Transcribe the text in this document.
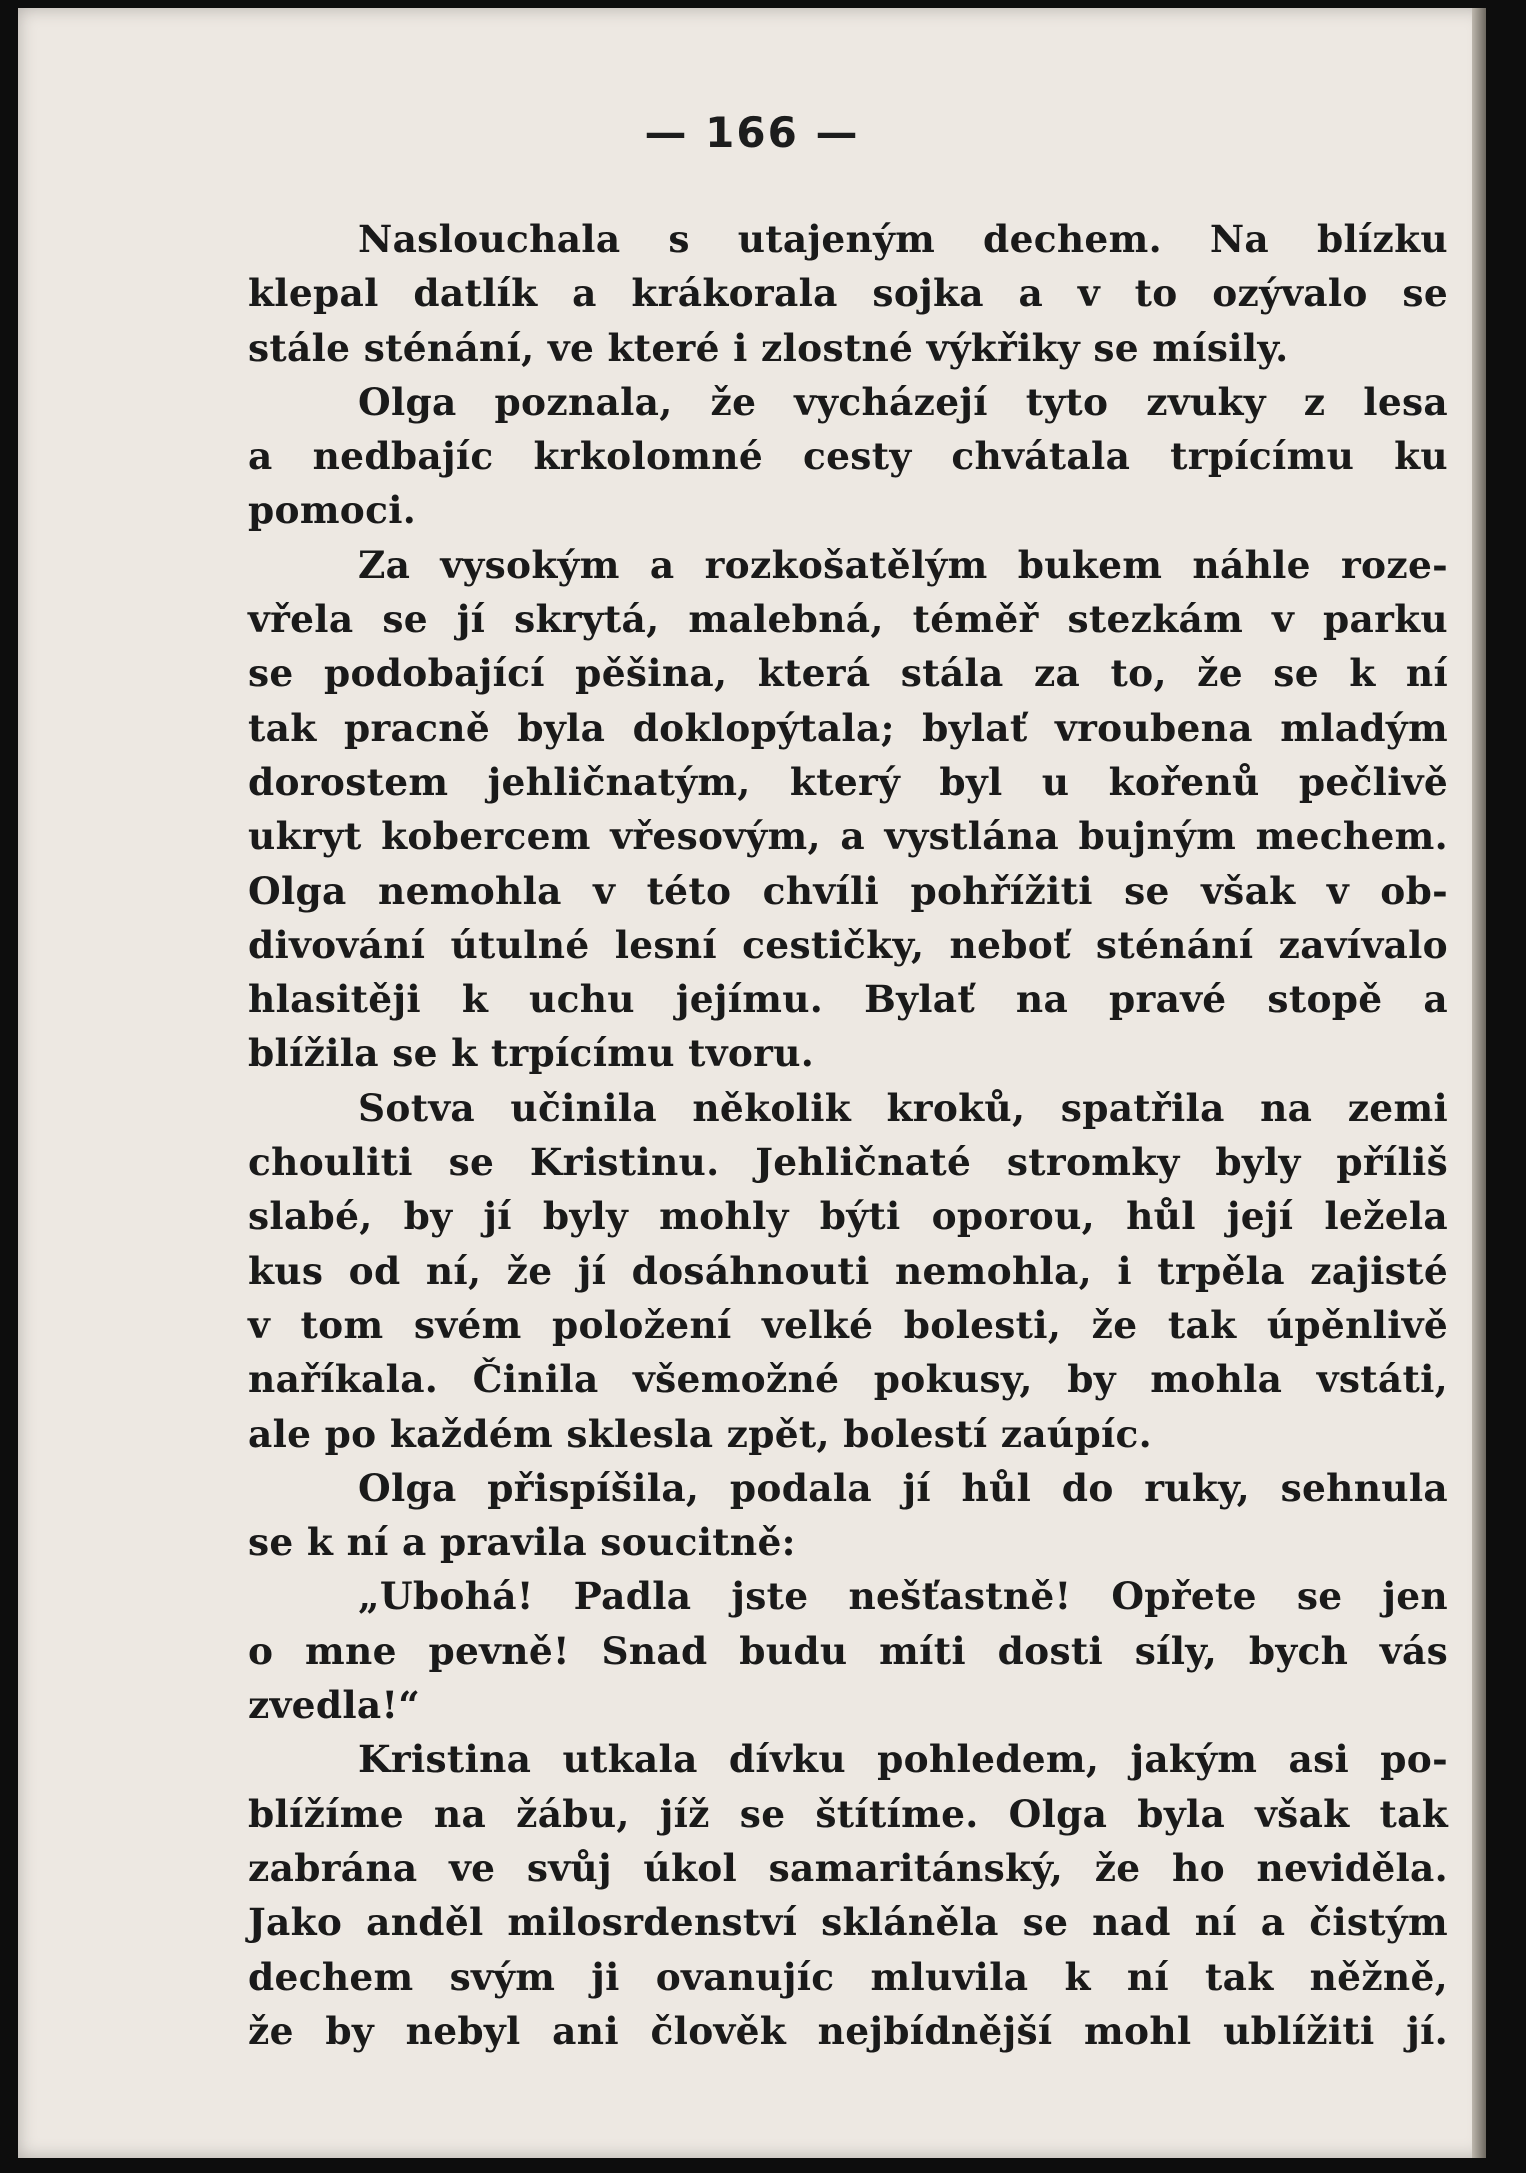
— 166 —
Naslouchala s utajeným dechem. Na blízku
klepal datlík a krákorala sojka a v to ozývalo se
stále sténání, ve které i zlostné výkřiky se mísily.
Olga poznala, že vycházejí tyto zvuky z lesa
a nedbajíc krkolomné cesty chvátala trpícímu ku
pomoci.
Za vysokým a rozkošatělým bukem náhle roze-
vřela se jí skrytá, malebná, téměř stezkám v parku
se podobající pěšina, která stála za to, že se k ní
tak pracně byla doklopýtala; bylať vroubena mladým
dorostem jehličnatým, který byl u kořenů pečlivě
ukryt kobercem vřesovým, a vystlána bujným mechem.
Olga nemohla v této chvíli pohřížiti se však v ob-
divování útulné lesní cestičky, neboť sténání zavívalo
hlasitěji k uchu jejímu. Bylať na pravé stopě a
blížila se k trpícímu tvoru.
Sotva učinila několik kroků, spatřila na zemi
chouliti se Kristinu. Jehličnaté stromky byly příliš
slabé, by jí byly mohly býti oporou, hůl její ležela
kus od ní, že jí dosáhnouti nemohla, i trpěla zajisté
v tom svém položení velké bolesti, že tak úpěnlivě
naříkala. Činila všemožné pokusy, by mohla vstáti,
ale po každém sklesla zpět, bolestí zaúpíc.
Olga přispíšila, podala jí hůl do ruky, sehnula
se k ní a pravila soucitně:
„Ubohá! Padla jste nešťastně! Opřete se jen
o mne pevně! Snad budu míti dosti síly, bych vás
zvedla!“
Kristina utkala dívku pohledem, jakým asi po-
blížíme na žábu, jíž se štítíme. Olga byla však tak
zabrána ve svůj úkol samaritánský, že ho neviděla.
Jako anděl milosrdenství skláněla se nad ní a čistým
dechem svým ji ovanujíc mluvila k ní tak něžně,
že by nebyl ani člověk nejbídnější mohl ublížiti jí.
